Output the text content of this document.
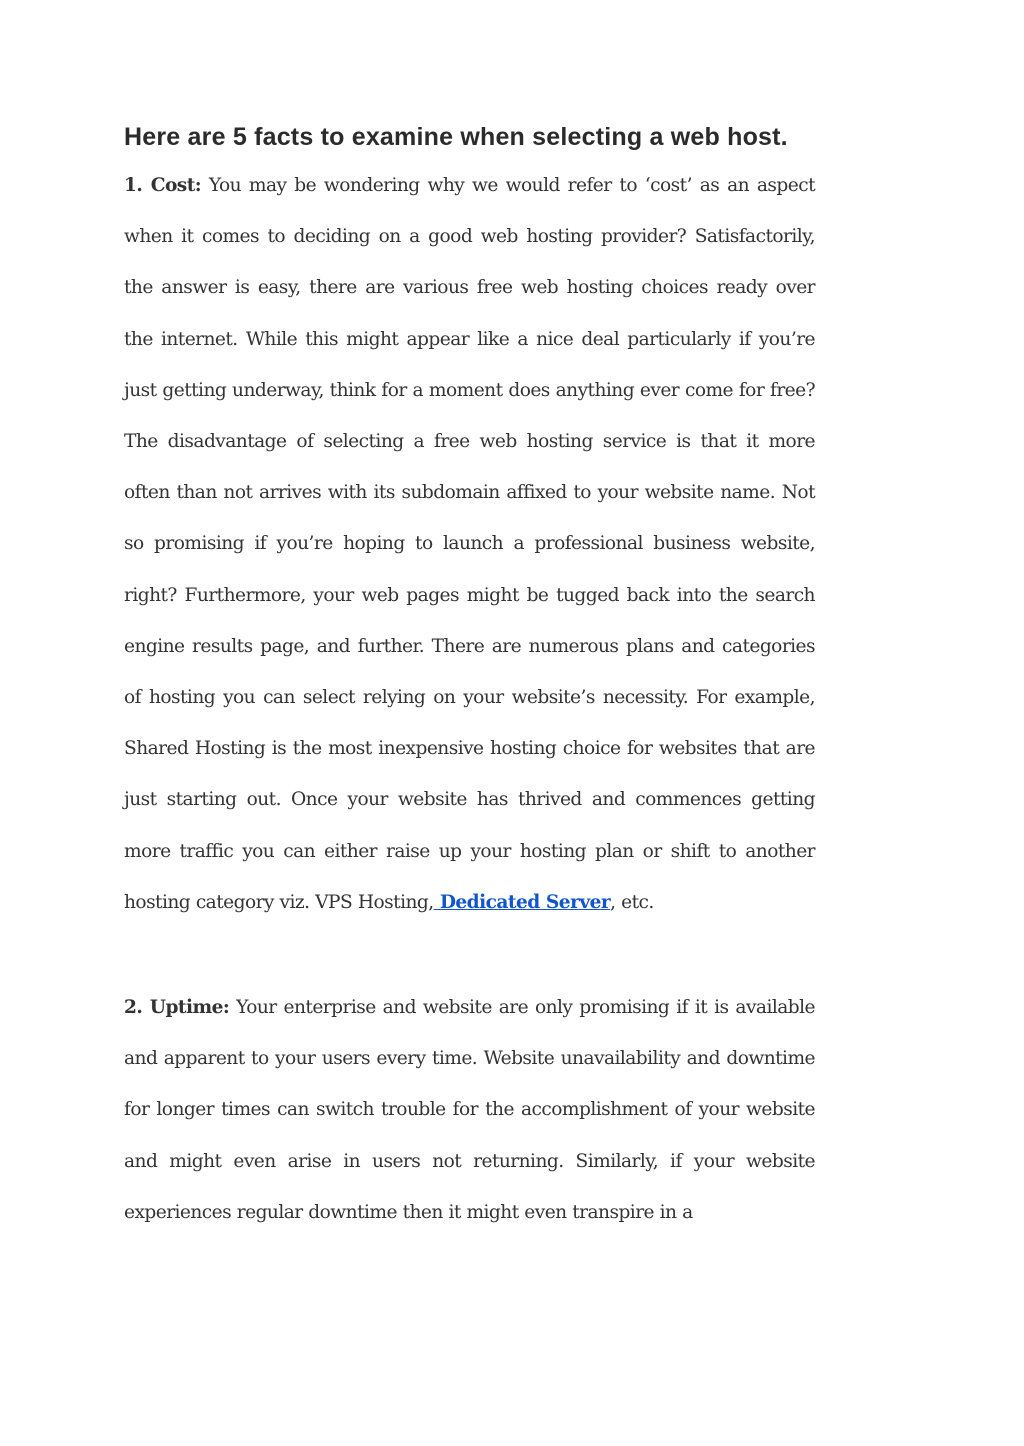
Here are 5 facts to examine when selecting a web host.

1. Cost: You may be wondering why we would refer to ‘cost’ as an aspect when it comes to deciding on a good web hosting provider? Satisfactorily, the answer is easy, there are various free web hosting choices ready over the internet. While this might appear like a nice deal particularly if you’re just getting underway, think for a moment does anything ever come for free? The disadvantage of selecting a free web hosting service is that it more often than not arrives with its subdomain affixed to your website name. Not so promising if you’re hoping to launch a professional business website, right? Furthermore, your web pages might be tugged back into the search engine results page, and further. There are numerous plans and categories of hosting you can select relying on your website’s necessity. For example, Shared Hosting is the most inexpensive hosting choice for websites that are just starting out. Once your website has thrived and commences getting more traffic you can either raise up your hosting plan or shift to another hosting category viz. VPS Hosting, Dedicated Server, etc.

2. Uptime: Your enterprise and website are only promising if it is available and apparent to your users every time. Website unavailability and downtime for longer times can switch trouble for the accomplishment of your website and might even arise in users not returning. Similarly, if your website experiences regular downtime then it might even transpire in a
